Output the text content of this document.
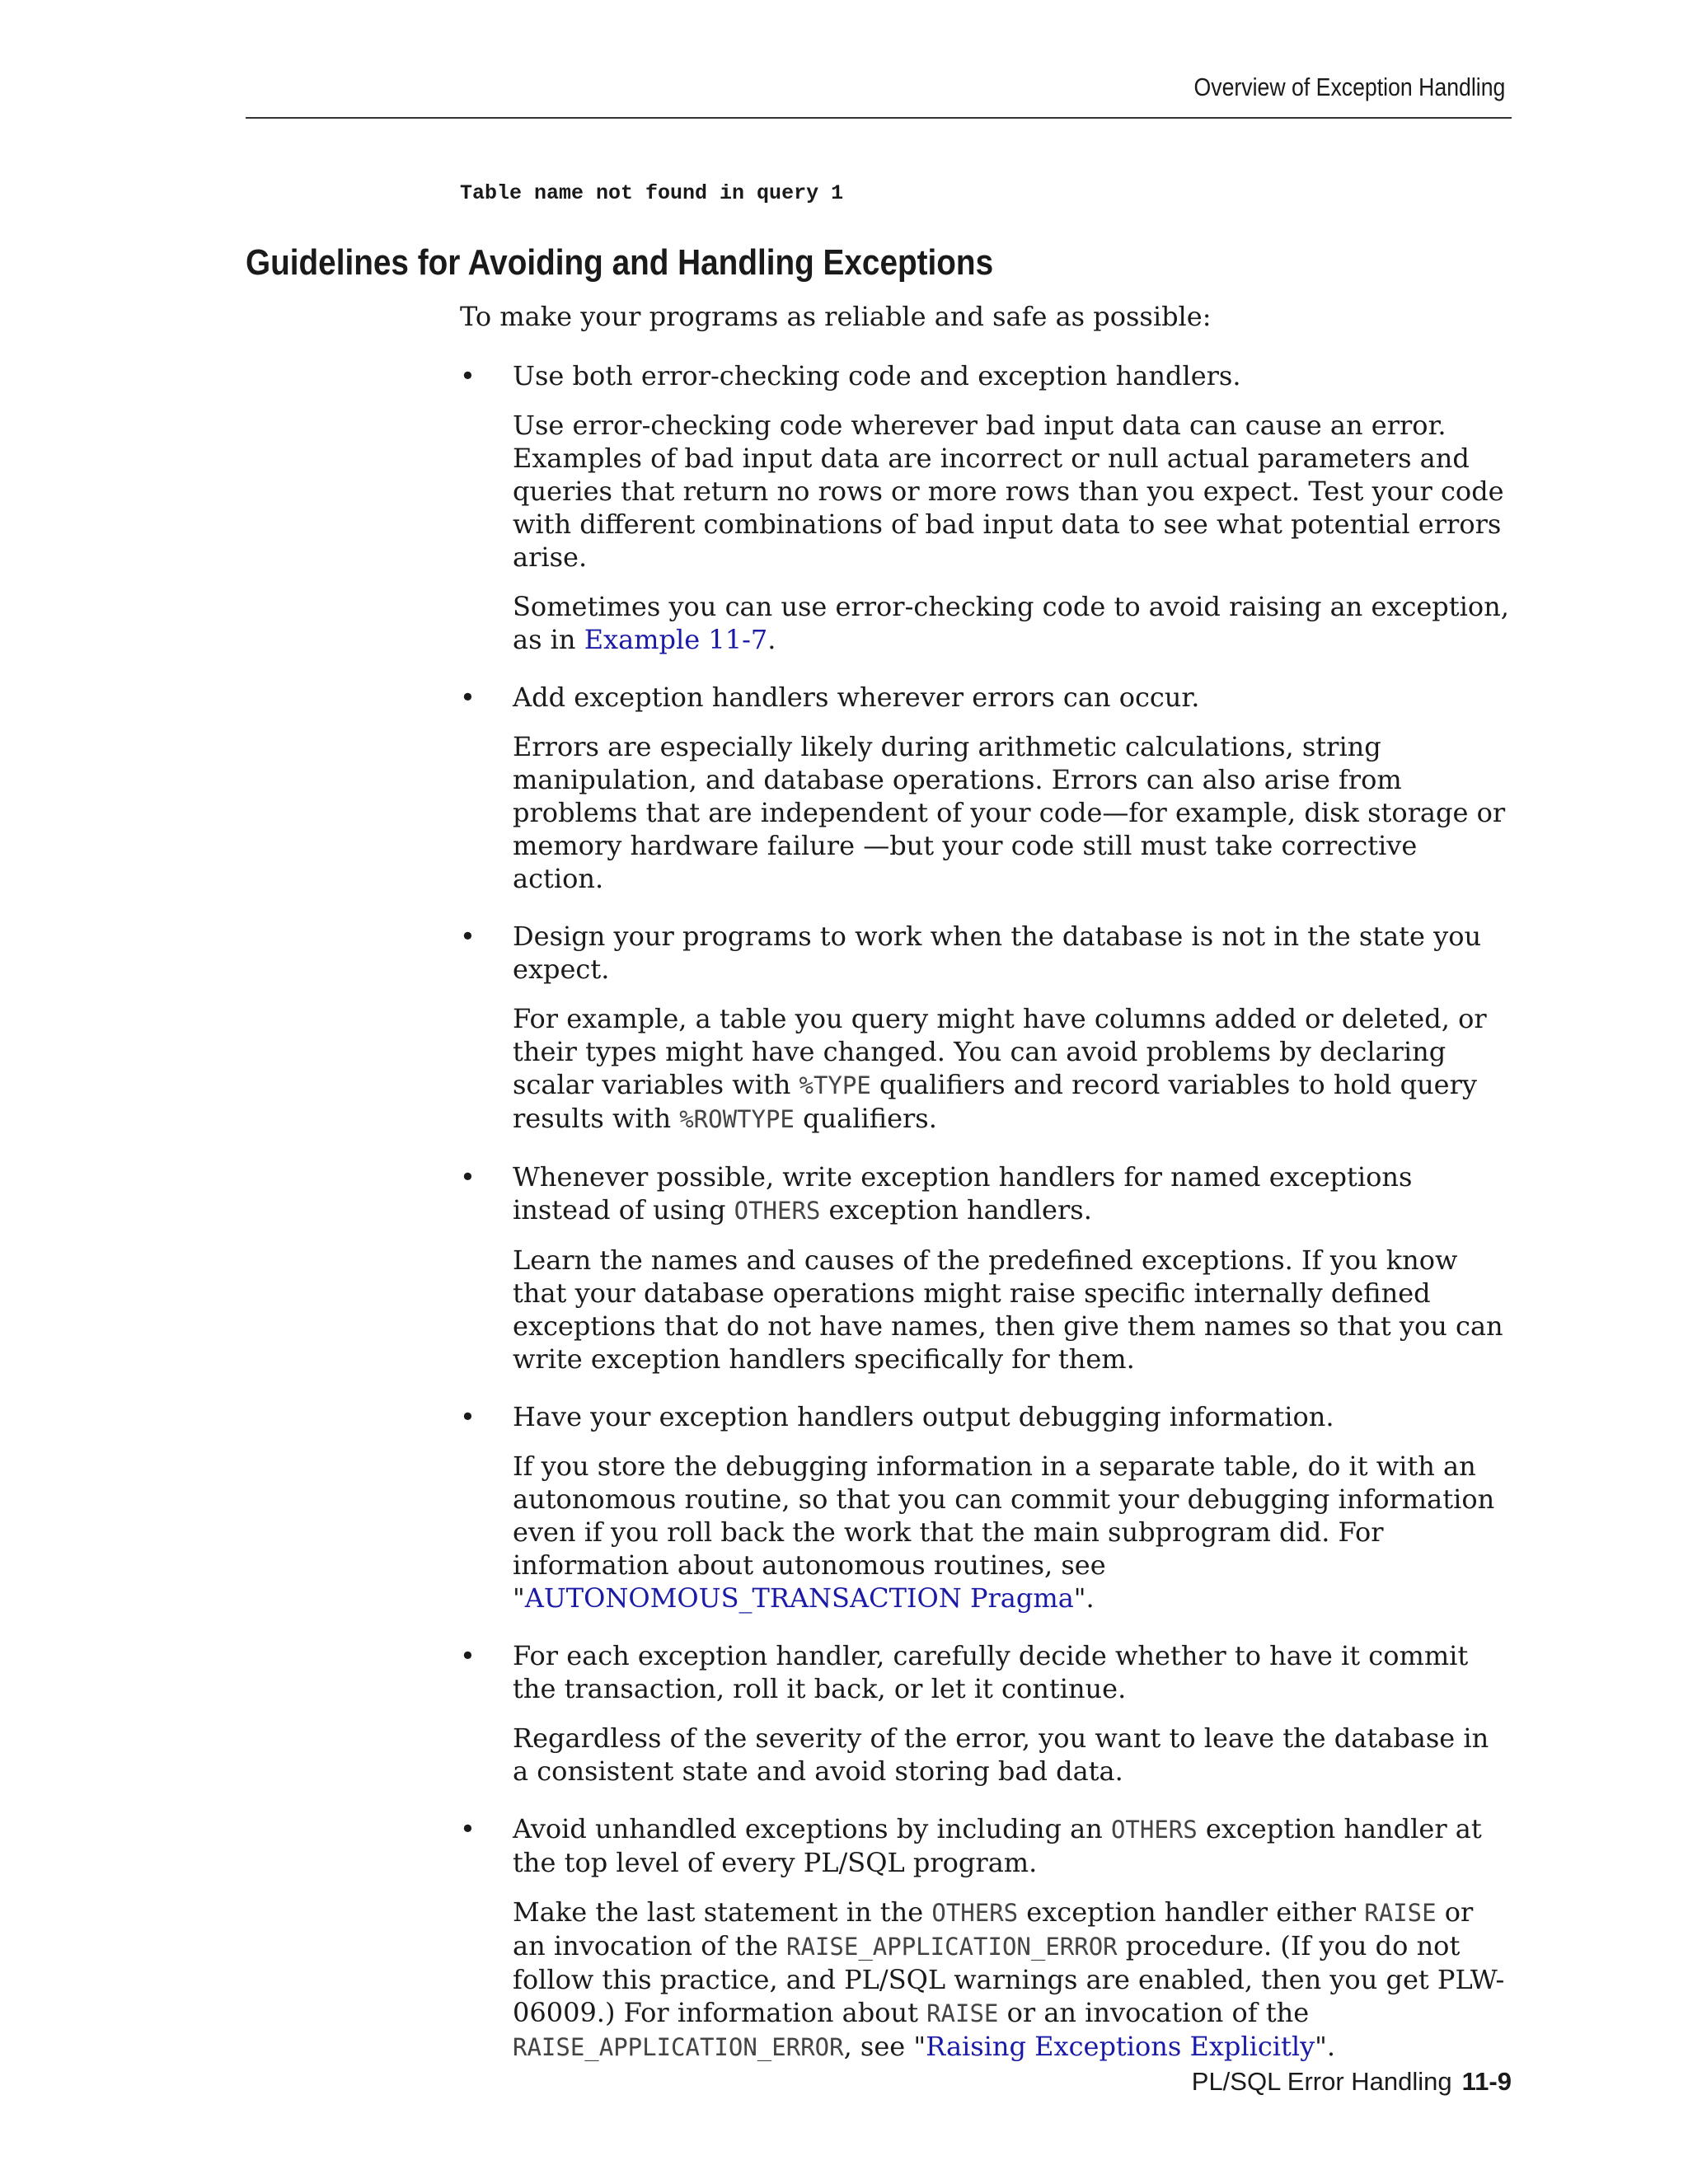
Overview of Exception Handling
Table name not found in query 1
Guidelines for Avoiding and Handling Exceptions

To make your programs as reliable and safe as possible:

• Use both error-checking code and exception handlers.

Use error-checking code wherever bad input data can cause an error. Examples of bad input data are incorrect or null actual parameters and queries that return no rows or more rows than you expect. Test your code with different combinations of bad input data to see what potential errors arise.

Sometimes you can use error-checking code to avoid raising an exception, as in Example 11-7.

• Add exception handlers wherever errors can occur.

Errors are especially likely during arithmetic calculations, string manipulation, and database operations. Errors can also arise from problems that are independent of your code—for example, disk storage or memory hardware failure —but your code still must take corrective action.

• Design your programs to work when the database is not in the state you expect.

For example, a table you query might have columns added or deleted, or their types might have changed. You can avoid problems by declaring scalar variables with %TYPE qualifiers and record variables to hold query results with %ROWTYPE qualifiers.

• Whenever possible, write exception handlers for named exceptions instead of using OTHERS exception handlers.

Learn the names and causes of the predefined exceptions. If you know that your database operations might raise specific internally defined exceptions that do not have names, then give them names so that you can write exception handlers specifically for them.

• Have your exception handlers output debugging information.

If you store the debugging information in a separate table, do it with an autonomous routine, so that you can commit your debugging information even if you roll back the work that the main subprogram did. For information about autonomous routines, see "AUTONOMOUS_TRANSACTION Pragma".

• For each exception handler, carefully decide whether to have it commit the transaction, roll it back, or let it continue.

Regardless of the severity of the error, you want to leave the database in a consistent state and avoid storing bad data.

• Avoid unhandled exceptions by including an OTHERS exception handler at the top level of every PL/SQL program.

Make the last statement in the OTHERS exception handler either RAISE or an invocation of the RAISE_APPLICATION_ERROR procedure. (If you do not follow this practice, and PL/SQL warnings are enabled, then you get PLW-06009.) For information about RAISE or an invocation of the RAISE_APPLICATION_ERROR, see "Raising Exceptions Explicitly".

PL/SQL Error Handling 11-9
